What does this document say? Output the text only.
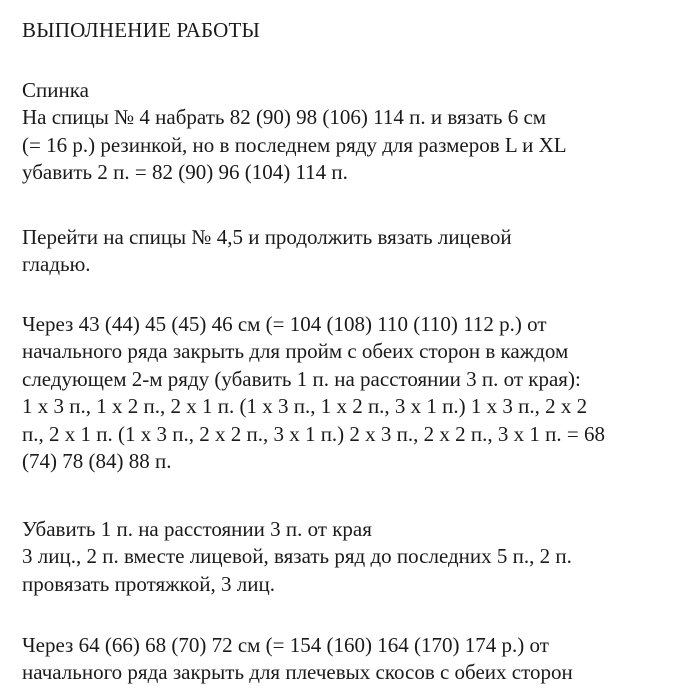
ВЫПОЛНЕНИЕ РАБОТЫ
Спинка
На спицы № 4 набрать 82 (90) 98 (106) 114 п. и вязать 6 см
(= 16 р.) резинкой, но в последнем ряду для размеров L и XL
убавить 2 п. = 82 (90) 96 (104) 114 п.
Перейти на спицы № 4,5 и продолжить вязать лицевой
гладью.
Через 43 (44) 45 (45) 46 см (= 104 (108) 110 (110) 112 р.) от
начального ряда закрыть для пройм с обеих сторон в каждом
следующем 2-м ряду (убавить 1 п. на расстоянии 3 п. от края):
1 х 3 п., 1 х 2 п., 2 х 1 п. (1 х 3 п., 1 х 2 п., 3 х 1 п.) 1 х 3 п., 2 х 2
п., 2 х 1 п. (1 х 3 п., 2 х 2 п., 3 х 1 п.) 2 х 3 п., 2 х 2 п., 3 х 1 п. = 68
(74) 78 (84) 88 п.
Убавить 1 п. на расстоянии 3 п. от края
3 лиц., 2 п. вместе лицевой, вязать ряд до последних 5 п., 2 п.
провязать протяжкой, 3 лиц.
Через 64 (66) 68 (70) 72 см (= 154 (160) 164 (170) 174 р.) от
начального ряда закрыть для плечевых скосов с обеих сторон
